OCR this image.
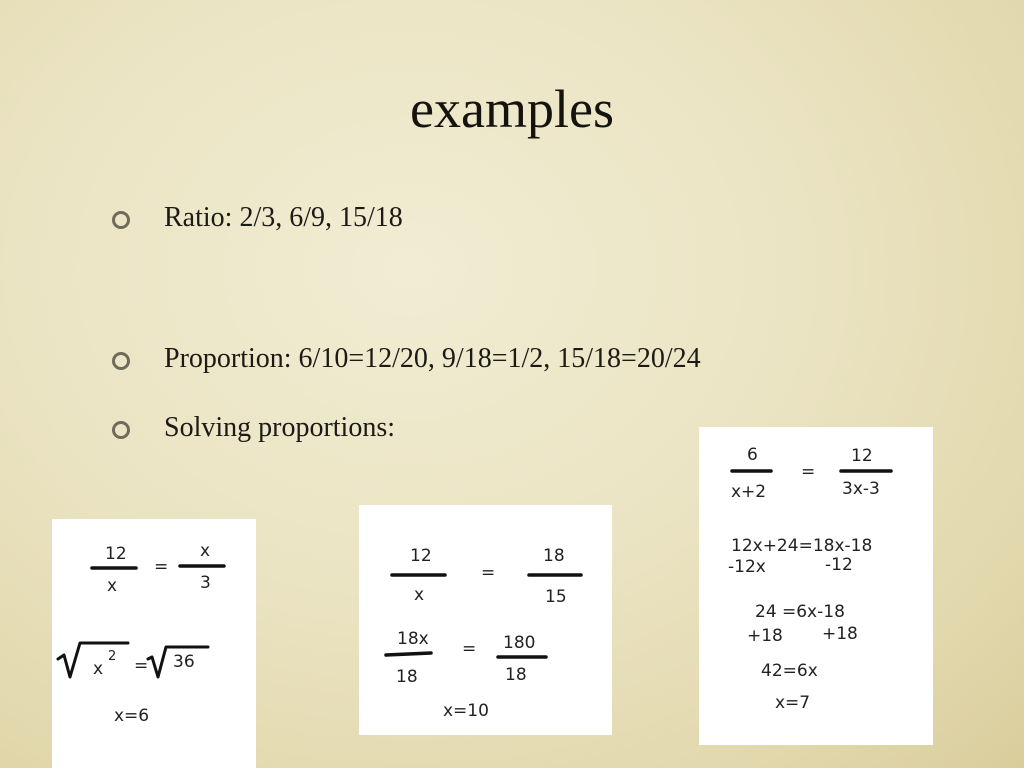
examples
Ratio: 2/3, 6/9, 15/18
Proportion: 6/10=12/20, 9/18=1/2, 15/18=20/24
Solving proportions:
12
x
=
x
3
x
2 = 36
x=6
12
x
=
18
15
18x
18
= 180
18
x=10
6
x+2
=
12
3x-3
12x+24=18x-18
-12x	-12
24 =6x-18
+18 +18
42=6x
x=7
